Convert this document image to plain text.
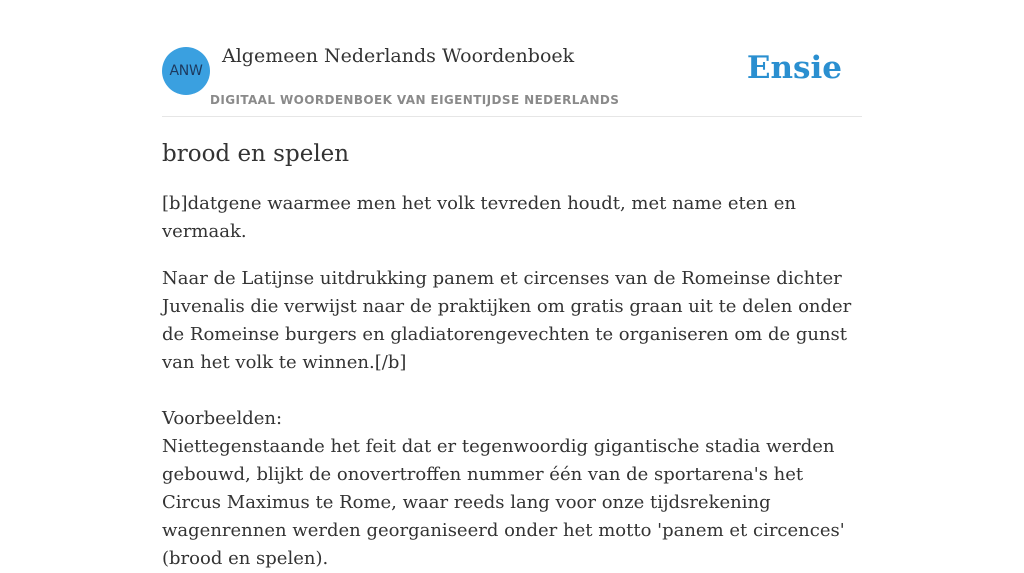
ANW
Algemeen Nederlands Woordenboek
DIGITAAL WOORDENBOEK VAN EIGENTIJDSE NEDERLANDS
Ensie
brood en spelen

[b]datgene waarmee men het volk tevreden houdt, met name eten en vermaak.

Naar de Latijnse uitdrukking panem et circenses van de Romeinse dichter Juvenalis die verwijst naar de praktijken om gratis graan uit te delen onder de Romeinse burgers en gladiatorengevechten te organiseren om de gunst van het volk te winnen.[/b]

Voorbeelden:

Niettegenstaande het feit dat er tegenwoordig gigantische stadia werden gebouwd, blijkt de onovertroffen nummer één van de sportarena's het Circus Maximus te Rome, waar reeds lang voor onze tijdsrekening wagenrennen werden georganiseerd onder het motto 'panem et circences' (brood en spelen).
